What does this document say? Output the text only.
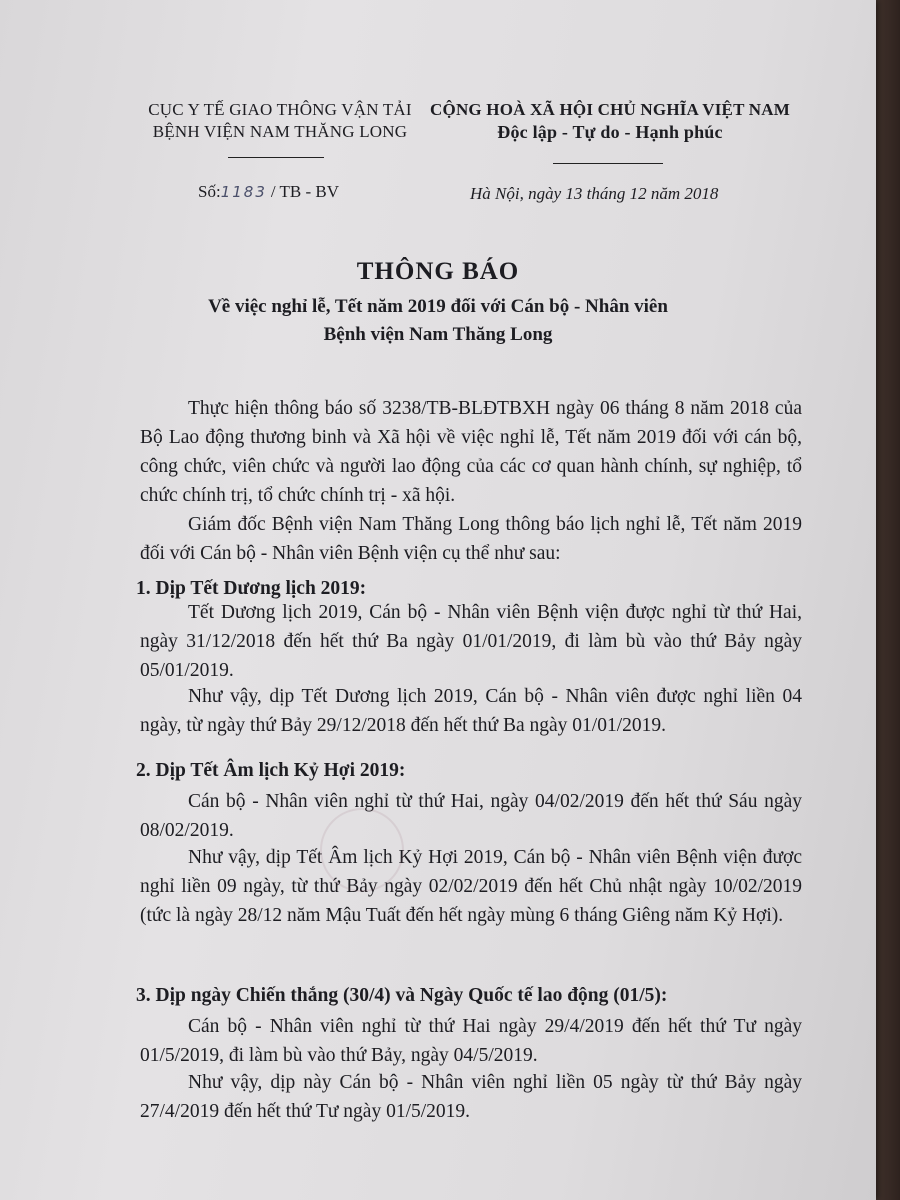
CỤC Y TẾ GIAO THÔNG VẬN TẢI
BỆNH VIỆN NAM THĂNG LONG
CỘNG HOÀ XÃ HỘI CHỦ NGHĨA VIỆT NAM
Độc lập - Tự do - Hạnh phúc
Số:1183 / TB - BV	Hà Nội, ngày 13 tháng 12 năm 2018
THÔNG BÁO
Về việc nghỉ lễ, Tết năm 2019 đối với Cán bộ - Nhân viên
Bệnh viện Nam Thăng Long
Thực hiện thông báo số 3238/TB-BLĐTBXH ngày 06 tháng 8 năm 2018 của Bộ Lao động thương binh và Xã hội về việc nghỉ lễ, Tết năm 2019 đối với cán bộ, công chức, viên chức và người lao động của các cơ quan hành chính, sự nghiệp, tổ chức chính trị, tổ chức chính trị - xã hội.
Giám đốc Bệnh viện Nam Thăng Long thông báo lịch nghỉ lễ, Tết năm 2019 đối với Cán bộ - Nhân viên Bệnh viện cụ thể như sau:
1. Dịp Tết Dương lịch 2019:
Tết Dương lịch 2019, Cán bộ - Nhân viên Bệnh viện được nghỉ từ thứ Hai, ngày 31/12/2018 đến hết thứ Ba ngày 01/01/2019, đi làm bù vào thứ Bảy ngày 05/01/2019.
Như vậy, dịp Tết Dương lịch 2019, Cán bộ - Nhân viên được nghỉ liền 04 ngày, từ ngày thứ Bảy 29/12/2018 đến hết thứ Ba ngày 01/01/2019.
2. Dịp Tết Âm lịch Kỷ Hợi 2019:
Cán bộ - Nhân viên nghỉ từ thứ Hai, ngày 04/02/2019 đến hết thứ Sáu ngày 08/02/2019.
Như vậy, dịp Tết Âm lịch Kỷ Hợi 2019, Cán bộ - Nhân viên Bệnh viện được nghỉ liền 09 ngày, từ thứ Bảy ngày 02/02/2019 đến hết Chủ nhật ngày 10/02/2019 (tức là ngày 28/12 năm Mậu Tuất đến hết ngày mùng 6 tháng Giêng năm Kỷ Hợi).
3. Dịp ngày Chiến thắng (30/4) và Ngày Quốc tế lao động (01/5):
Cán bộ - Nhân viên nghỉ từ thứ Hai ngày 29/4/2019 đến hết thứ Tư ngày 01/5/2019, đi làm bù vào thứ Bảy, ngày 04/5/2019.
Như vậy, dịp này Cán bộ - Nhân viên nghỉ liền 05 ngày từ thứ Bảy ngày 27/4/2019 đến hết thứ Tư ngày 01/5/2019.
